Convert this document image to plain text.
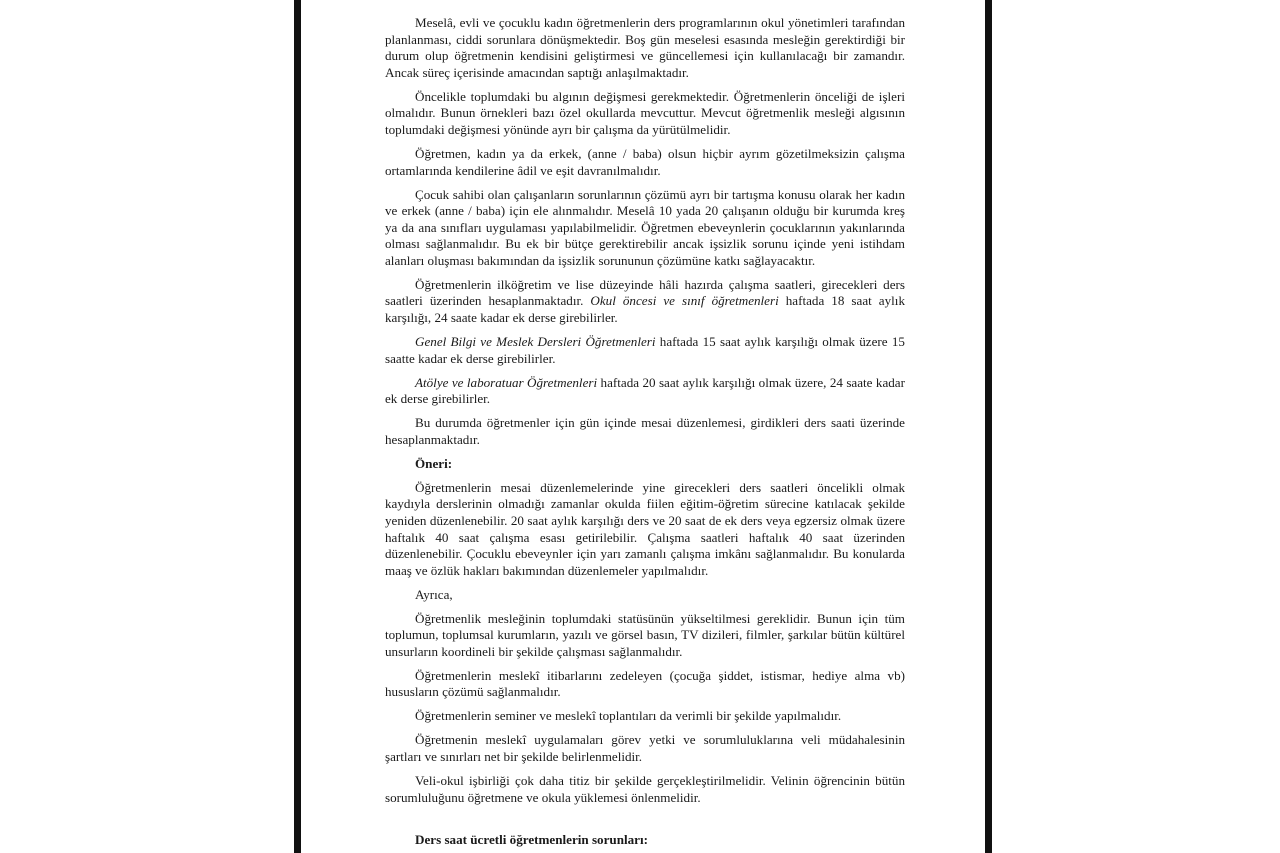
Meselâ, evli ve çocuklu kadın öğretmenlerin ders programlarının okul yönetimleri tarafından planlanması, ciddi sorunlara dönüşmektedir. Boş gün meselesi esasında mesleğin gerektirdiği bir durum olup öğretmenin kendisini geliştirmesi ve güncellemesi için kullanılacağı bir zamandır. Ancak süreç içerisinde amacından saptığı anlaşılmaktadır.

Öncelikle toplumdaki bu algının değişmesi gerekmektedir. Öğretmenlerin önceliği de işleri olmalıdır. Bunun örnekleri bazı özel okullarda mevcuttur. Mevcut öğretmenlik mesleği algısının toplumdaki değişmesi yönünde ayrı bir çalışma da yürütülmelidir.

Öğretmen, kadın ya da erkek, (anne / baba) olsun hiçbir ayrım gözetilmeksizin çalışma ortamlarında kendilerine âdil ve eşit davranılmalıdır.

Çocuk sahibi olan çalışanların sorunlarının çözümü ayrı bir tartışma konusu olarak her kadın ve erkek (anne / baba) için ele alınmalıdır. Meselâ 10 yada 20 çalışanın olduğu bir kurumda kreş ya da ana sınıfları uygulaması yapılabilmelidir. Öğretmen ebeveynlerin çocuklarının yakınlarında olması sağlanmalıdır. Bu ek bir bütçe gerektirebilir ancak işsizlik sorunu içinde yeni istihdam alanları oluşması bakımından da işsizlik sorununun çözümüne katkı sağlayacaktır.

Öğretmenlerin ilköğretim ve lise düzeyinde hâli hazırda çalışma saatleri, girecekleri ders saatleri üzerinden hesaplanmaktadır. Okul öncesi ve sınıf öğretmenleri haftada 18 saat aylık karşılığı, 24 saate kadar ek derse girebilirler.

Genel Bilgi ve Meslek Dersleri Öğretmenleri haftada 15 saat aylık karşılığı olmak üzere 15 saatte kadar ek derse girebilirler.

Atölye ve laboratuar Öğretmenleri haftada 20 saat aylık karşılığı olmak üzere, 24 saate kadar ek derse girebilirler.

Bu durumda öğretmenler için gün içinde mesai düzenlemesi, girdikleri ders saati üzerinde hesaplanmaktadır.

Öneri:

Öğretmenlerin mesai düzenlemelerinde yine girecekleri ders saatleri öncelikli olmak kaydıyla derslerinin olmadığı zamanlar okulda fiilen eğitim-öğretim sürecine katılacak şekilde yeniden düzenlenebilir. 20 saat aylık karşılığı ders ve 20 saat de ek ders veya egzersiz olmak üzere haftalık 40 saat çalışma esası getirilebilir. Çalışma saatleri haftalık 40 saat üzerinden düzenlenebilir. Çocuklu ebeveynler için yarı zamanlı çalışma imkânı sağlanmalıdır. Bu konularda maaş ve özlük hakları bakımından düzenlemeler yapılmalıdır.

Ayrıca,

Öğretmenlik mesleğinin toplumdaki statüsünün yükseltilmesi gereklidir. Bunun için tüm toplumun, toplumsal kurumların, yazılı ve görsel basın, TV dizileri, filmler, şarkılar bütün kültürel unsurların koordineli bir şekilde çalışması sağlanmalıdır.

Öğretmenlerin meslekî itibarlarını zedeleyen (çocuğa şiddet, istismar, hediye alma vb) hususların çözümü sağlanmalıdır.

Öğretmenlerin seminer ve meslekî toplantıları da verimli bir şekilde yapılmalıdır.

Öğretmenin meslekî uygulamaları görev yetki ve sorumluluklarına veli müdahalesinin şartları ve sınırları net bir şekilde belirlenmelidir.

Veli-okul işbirliği çok daha titiz bir şekilde gerçekleştirilmelidir. Velinin öğrencinin bütün sorumluluğunu öğretmene ve okula yüklemesi önlenmelidir.

Ders saat ücretli öğretmenlerin sorunları:
